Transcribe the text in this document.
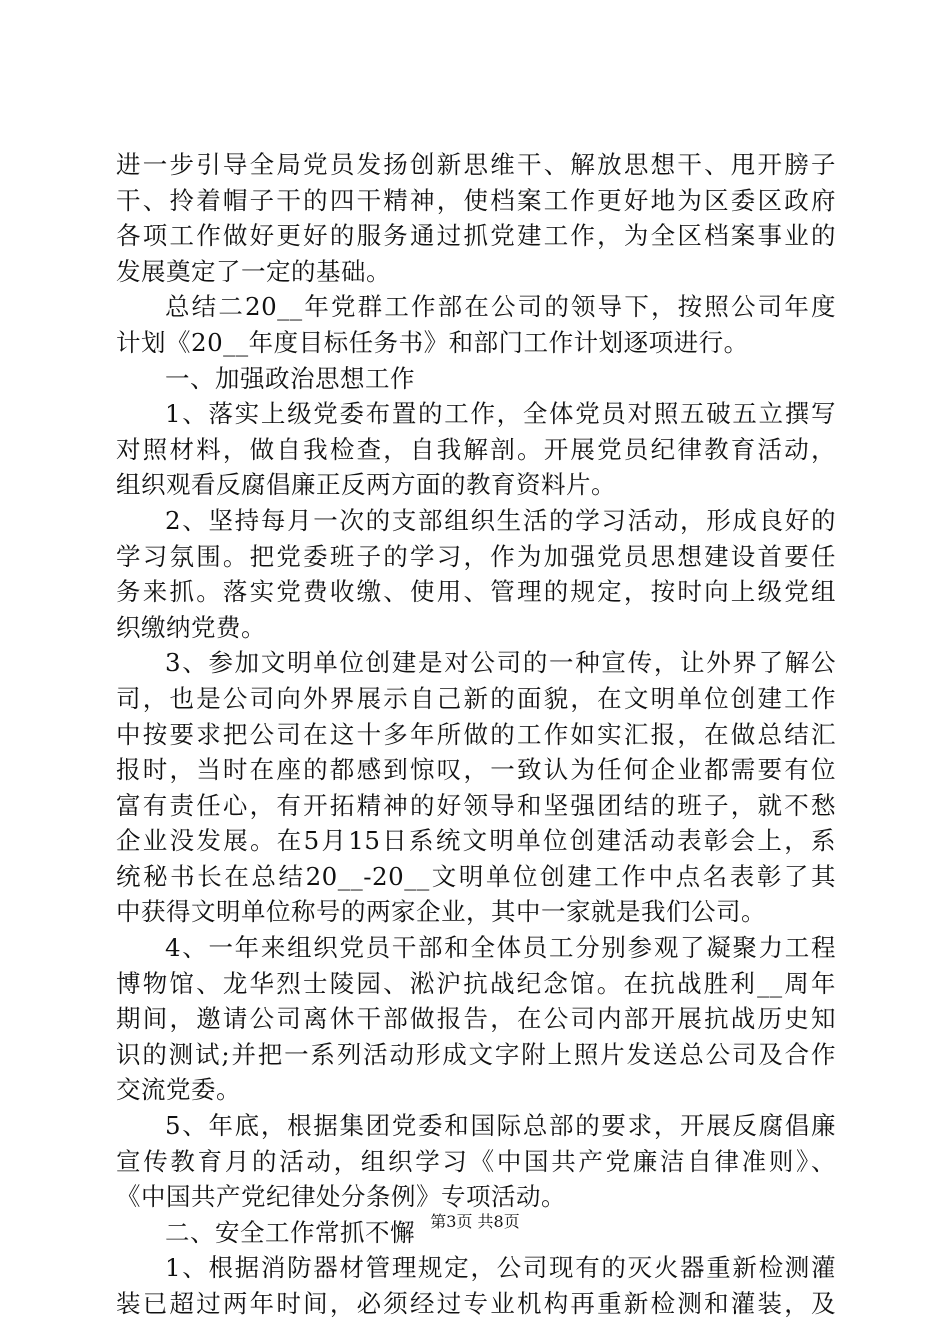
进一步引导全局党员发扬创新思维干、解放思想干、甩开膀子
干、拎着帽子干的四干精神，使档案工作更好地为区委区政府
各项工作做好更好的服务通过抓党建工作，为全区档案事业的
发展奠定了一定的基础。
总结二20__年党群工作部在公司的领导下，按照公司年度
计划《20__年度目标任务书》和部门工作计划逐项进行。
一、加强政治思想工作
1、落实上级党委布置的工作，全体党员对照五破五立撰写
对照材料，做自我检查，自我解剖。开展党员纪律教育活动，
组织观看反腐倡廉正反两方面的教育资料片。
2、坚持每月一次的支部组织生活的学习活动，形成良好的
学习氛围。把党委班子的学习，作为加强党员思想建设首要任
务来抓。落实党费收缴、使用、管理的规定，按时向上级党组
织缴纳党费。
3、参加文明单位创建是对公司的一种宣传，让外界了解公
司，也是公司向外界展示自己新的面貌，在文明单位创建工作
中按要求把公司在这十多年所做的工作如实汇报，在做总结汇
报时，当时在座的都感到惊叹，一致认为任何企业都需要有位
富有责任心，有开拓精神的好领导和坚强团结的班子，就不愁
企业没发展。在5月15日系统文明单位创建活动表彰会上，系
统秘书长在总结20__-20__文明单位创建工作中点名表彰了其
中获得文明单位称号的两家企业，其中一家就是我们公司。
4、一年来组织党员干部和全体员工分别参观了凝聚力工程
博物馆、龙华烈士陵园、淞沪抗战纪念馆。在抗战胜利__周年
期间，邀请公司离休干部做报告，在公司内部开展抗战历史知
识的测试;并把一系列活动形成文字附上照片发送总公司及合作
交流党委。
5、年底，根据集团党委和国际总部的要求，开展反腐倡廉
宣传教育月的活动，组织学习《中国共产党廉洁自律准则》、
《中国共产党纪律处分条例》专项活动。
二、安全工作常抓不懈
1、根据消防器材管理规定，公司现有的灭火器重新检测灌
装已超过两年时间，必须经过专业机构再重新检测和灌装，及
第3页 共8页
